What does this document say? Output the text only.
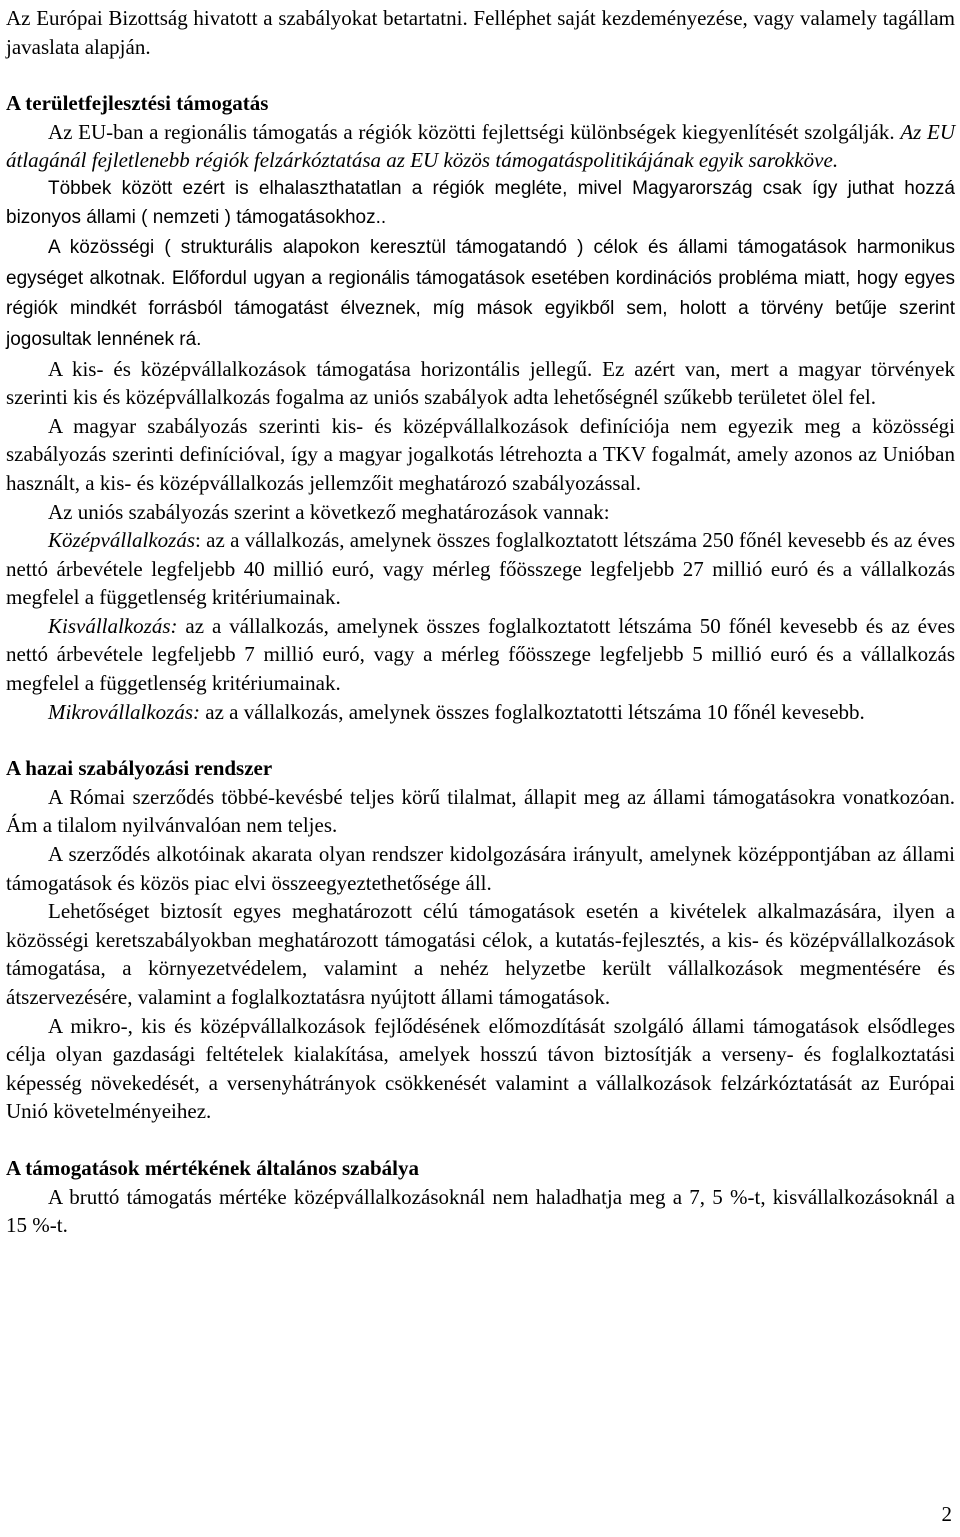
Az Európai Bizottság hivatott a szabályokat betartatni. Felléphet saját kezdeményezése, vagy valamely tagállam javaslata alapján.

A területfejlesztési támogatás

Az EU-ban a regionális támogatás a régiók közötti fejlettségi különbségek kiegyenlítését szolgálják. Az EU átlagánál fejletlenebb régiók felzárkóztatása az EU közös támogatáspolitikájának egyik sarokköve.

Többek között ezért is elhalaszthatatlan a régiók megléte, mivel Magyarország csak így juthat hozzá bizonyos állami ( nemzeti ) támogatásokhoz..

A közösségi ( strukturális alapokon keresztül támogatandó ) célok és állami támogatások harmonikus egységet alkotnak. Előfordul ugyan a regionális támogatások esetében kordinációs probléma miatt, hogy egyes régiók mindkét forrásból támogatást élveznek, míg mások egyikből sem, holott a törvény betűje szerint jogosultak lennének rá.

A kis- és középvállalkozások támogatása horizontális jellegű. Ez azért van, mert a magyar törvények szerinti kis és középvállalkozás fogalma az uniós szabályok adta lehetőségnél szűkebb területet ölel fel.

A magyar szabályozás szerinti kis- és középvállalkozások definíciója nem egyezik meg a közösségi szabályozás szerinti definícióval, így a magyar jogalkotás létrehozta a TKV fogalmát, amely azonos az Unióban használt, a kis- és középvállalkozás jellemzőit meghatározó szabályozással.

Az uniós szabályozás szerint a következő meghatározások vannak:

Középvállalkozás: az a vállalkozás, amelynek összes foglalkoztatott létszáma 250 főnél kevesebb és az éves nettó árbevétele legfeljebb 40 millió euró, vagy mérleg főösszege legfeljebb 27 millió euró és a vállalkozás megfelel a függetlenség kritériumainak.

Kisvállalkozás: az a vállalkozás, amelynek összes foglalkoztatott létszáma 50 főnél kevesebb és az éves nettó árbevétele legfeljebb 7 millió euró, vagy a mérleg főösszege legfeljebb 5 millió euró és a vállalkozás megfelel a függetlenség kritériumainak.

Mikrovállalkozás: az a vállalkozás, amelynek összes foglalkoztatotti létszáma 10 főnél kevesebb.

A hazai szabályozási rendszer

A Római szerződés többé-kevésbé teljes körű tilalmat, állapit meg az állami támogatásokra vonatkozóan. Ám a tilalom nyilvánvalóan nem teljes.

A szerződés alkotóinak akarata olyan rendszer kidolgozására irányult, amelynek középpontjában az állami támogatások és közös piac elvi összeegyeztethetősége áll.

Lehetőséget biztosít egyes meghatározott célú támogatások esetén a kivételek alkalmazására, ilyen a közösségi keretszabályokban meghatározott támogatási célok, a kutatás-fejlesztés, a kis- és középvállalkozások támogatása, a környezetvédelem, valamint a nehéz helyzetbe került vállalkozások megmentésére és átszervezésére, valamint a foglalkoztatásra nyújtott állami támogatások.

A mikro-, kis és középvállalkozások fejlődésének előmozdítását szolgáló állami támogatások elsődleges célja olyan gazdasági feltételek kialakítása, amelyek hosszú távon biztosítják a verseny- és foglalkoztatási képesség növekedését, a versenyhátrányok csökkenését valamint a vállalkozások felzárkóztatását az Európai Unió követelményeihez.

A támogatások mértékének általános szabálya

A bruttó támogatás mértéke középvállalkozásoknál nem haladhatja meg a 7, 5 %-t, kisvállalkozásoknál a 15 %-t.

2
